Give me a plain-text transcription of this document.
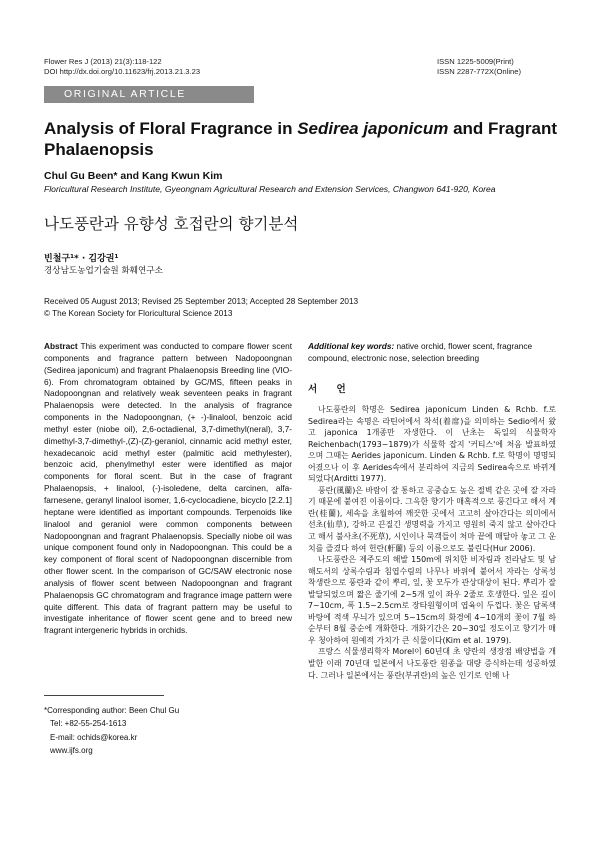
Flower Res J (2013) 21(3):118-122
DOI http://dx.doi.org/10.11623/frj.2013.21.3.23
ISSN 1225-5009(Print)
ISSN 2287-772X(Online)
ORIGINAL ARTICLE
Analysis of Floral Fragrance in Sedirea japonicum and Fragrant Phalaenopsis
Chul Gu Been* and Kang Kwun Kim
Floricultural Research Institute, Gyeongnam Agricultural Research and Extension Services, Changwon 641-920, Korea
나도풍란과 유향성 호접란의 향기분석
빈철구¹* · 김강권¹
경상남도농업기술원 화훼연구소
Received 05 August 2013; Revised 25 September 2013; Accepted 28 September 2013
© The Korean Society for Floricultural Science 2013
Abstract This experiment was conducted to compare flower scent components and fragrance pattern between Nadopoongnan (Sedirea japonicum) and fragrant Phalaenopsis Breeding line (VIO-6). From chromatogram obtained by GC/MS, fifteen peaks in Nadopoongnan and relatively weak seventeen peaks in fragrant Phalaenopsis were detected. In the analysis of fragrance components in the Nadopoongnan, (+ -)-linalool, benzoic acid methyl ester (niobe oil), 2,6-octadienal, 3,7-dimethyl(neral), 3,7-dimethyl-3,7-dimethyl-,(Z)-(Z)-geraniol, cinnamic acid methyl ester, hexadecanoic acid methyl ester (palmitic acid methylester), benzoic acid, phenylmethyl ester were identified as major components for floral scent. But in the case of fragrant Phalaenopsis, + linalool, (-)-isoledene, delta carcinen, alfa-farnesene, geranyl linalool isomer, 1,6-cyclocadiene, bicyclo [2.2.1] heptane were identified as important compounds. Terpenoids like linalool and geraniol were common components between Nadopoongnan and fragrant Phalaenopsis. Specially niobe oil was unique component found only in Nadopoongnan. This could be a key component of floral scent of Nadopoongnan discernible from other flower scent. In the comparison of GC/SAW electronic nose analysis of flower scent between Nadopoongnan and fragrant Phalaenopsis GC chromatogram and fragrance image pattern were quite different. This data of fragrant pattern may be useful to investigate inheritance of flower scent gene and to breed new fragrant intergeneric hybrids in orchids.
*Corresponding author: Been Chul Gu
Tel: +82-55-254-1613
E-mail: ochids@korea.kr
www.ijfs.org
Additional key words: native orchid, flower scent, fragrance compound, electronic nose, selection breeding
서 언

나도풍란의 학명은 Sedirea japonicum Linden & Rchb. f.로 Sedirea라는 속명은 라틴어에서 착석(着席)을 의미하는 Sedio에서 왔고 japonica 1개종만 자생한다. 이 난초는 독일의 식물학자 Reichenbach(1793~1879)가 식물학 잡지 '커티스'에 처음 발표하였으며 그때는 Aerides japonicum. Linden & Rchb. f.로 학명이 명명되어졌으나 이 후 Aerides속에서 분리하여 지금의 Sedirea속으로 바뀌게 되었다(Arditti 1977).

풍란(風蘭)은 바람이 잘 통하고 공중습도 높은 절벽 같은 곳에 잘 자라기 때문에 붙여진 이름이다. 그윽한 향기가 매혹적으로 풍긴다고 해서 계란(桂蘭), 세속을 초월하여 깨끗한 곳에서 고고히 살아간다는 의미에서 선초(仙草), 강하고 끈질긴 생명력을 가지고 영원히 죽지 않고 살아간다고 해서 불사초(不死草), 시인이나 묵객들이 처마 끝에 매달아 놓고 그 운치를 즐겼다 하여 헌란(軒蘭) 등의 이름으로도 불린다(Hur 2006).

나도풍란은 제주도의 해발 150m에 위치한 비자림과 전라남도 및 남해도서의 상록수림과 침엽수림의 나무나 바위에 붙어서 자라는 상록성 착생란으로 풍란과 같이 뿌리, 잎, 꽃 모두가 관상대상이 된다. 뿌리가 잘 발달되었으며 짧은 줄기에 2~5개 잎이 좌우 2줄로 호생한다. 잎은 길이 7~10cm, 폭 1.5~2.5cm로 장타원형이며 엽육이 두껍다. 꽃은 담록색 바탕에 적색 무늬가 있으며 5~15cm의 화경에 4~10개의 꽃이 7월 하순부터 8월 중순에 개화한다. 개화기간은 20~30일 정도이고 향기가 매우 청아하여 원예적 가치가 큰 식물이다(Kim et al. 1979).

프랑스 식물생리학자 Morel이 60년대 초 양란의 생장점 배양법을 개발한 이래 70년대 일본에서 나도풍란 원종을 대량 증식하는데 성공하였다. 그러나 일본에서는 풍란(부귀란)의 높은 인기로 인해 나
